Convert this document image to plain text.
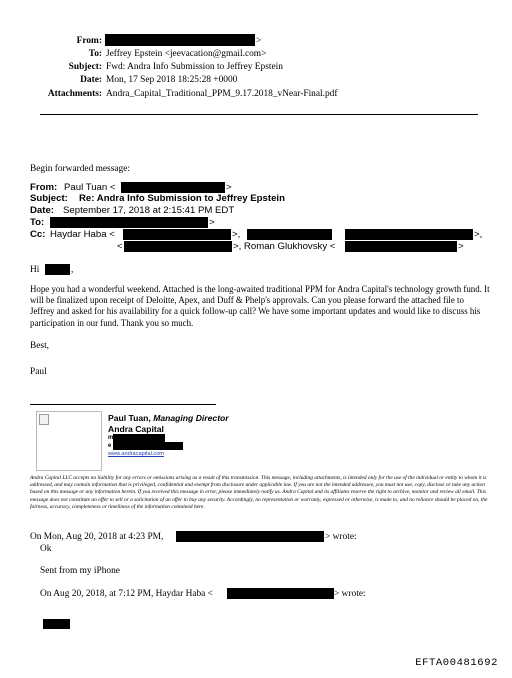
From:	>
To: Jeffrey Epstein <jeevacation@gmail.com>
Subject: Fwd: Andra Info Submission to Jeffrey Epstein
Date: Mon, 17 Sep 2018 18:25:28 +0000
Attachments: Andra_Capital_Traditional_PPM_9.17.2018_vNear-Final.pdf
Begin forwarded message:
From: Paul Tuan <	>
Subject: Re: Andra Info Submission to Jeffrey Epstein
Date: September 17, 2018 at 2:15:41 PM EDT
To:	>
Cc: Haydar Haba <	>,	>,
<	>, Roman Glukhovsky <	>
Hi	,
Hope you had a wonderful weekend. Attached is the long-awaited traditional PPM for Andra Capital's technology growth fund. It will be finalized upon receipt of Deloitte, Apex, and Duff & Phelp's approvals. Can you please forward the attached file to Jeffrey and asked for his availability for a quick follow-up call? We have some important updates and would like to discuss his participation in our fund. Thank you so much.
Best,
Paul
Paul Tuan, Managing Director
Andra Capital
m
e
www.andracapital.com
Andra Capital LLC accepts no liability for any errors or omissions arising as a result of this transmission. This message, including attachments, is intended only for the use of the individual or entity to whom it is addressed, and may contain information that is privileged, confidential and exempt from disclosure under applicable law. If you are not the intended addressee, you must not use, copy, disclose or take any action based on this message or any information herein. If you received this message in error, please immediately notify us. Andra Capital and its affiliates reserve the right to archive, monitor and review all email. This message does not constitute an offer to sell or a solicitation of an offer to buy any security. Accordingly, no representation or warranty, expressed or otherwise, is made to, and no reliance should be placed on, the fairness, accuracy, completeness or timeliness of the information contained here.
On Mon, Aug 20, 2018 at 4:23 PM,	> wrote:
Ok
Sent from my iPhone
On Aug 20, 2018, at 7:12 PM, Haydar Haba <	> wrote:
EFTA00481692
